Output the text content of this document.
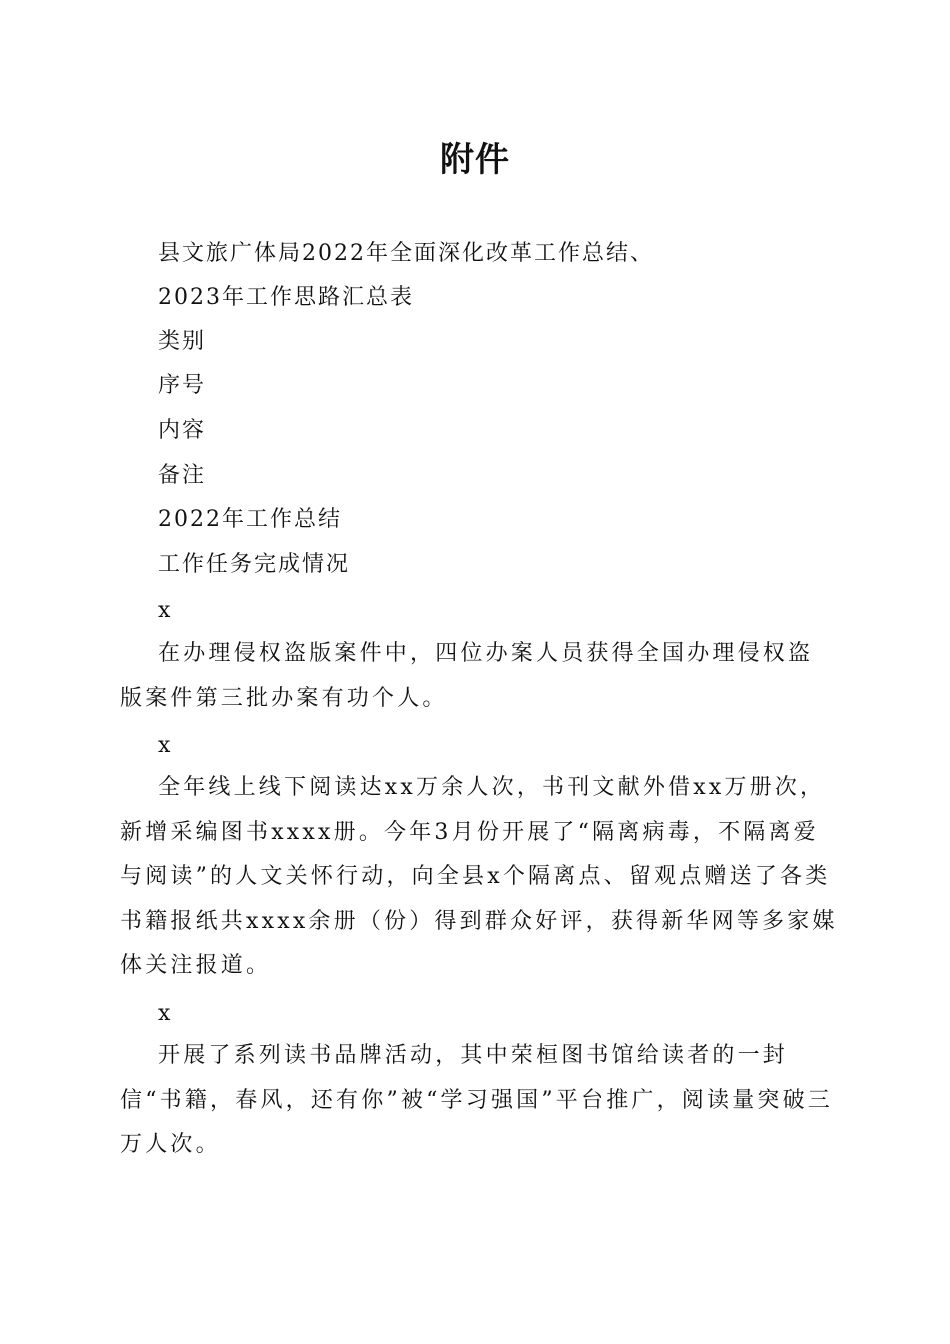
附件
县文旅广体局2022年全面深化改革工作总结、
2023年工作思路汇总表
类别
序号
内容
备注
2022年工作总结
工作任务完成情况
x
在办理侵权盗版案件中，四位办案人员获得全国办理侵权盗版案件第三批办案有功个人。
x
全年线上线下阅读达xx万余人次，书刊文献外借xx万册次，新增采编图书xxxx册。今年3月份开展了“隔离病毒，不隔离爱与阅读”的人文关怀行动，向全县x个隔离点、留观点赠送了各类书籍报纸共xxxx余册（份）得到群众好评，获得新华网等多家媒体关注报道。
x
开展了系列读书品牌活动，其中荣桓图书馆给读者的一封信“书籍，春风，还有你”被“学习强国”平台推广，阅读量突破三万人次。
